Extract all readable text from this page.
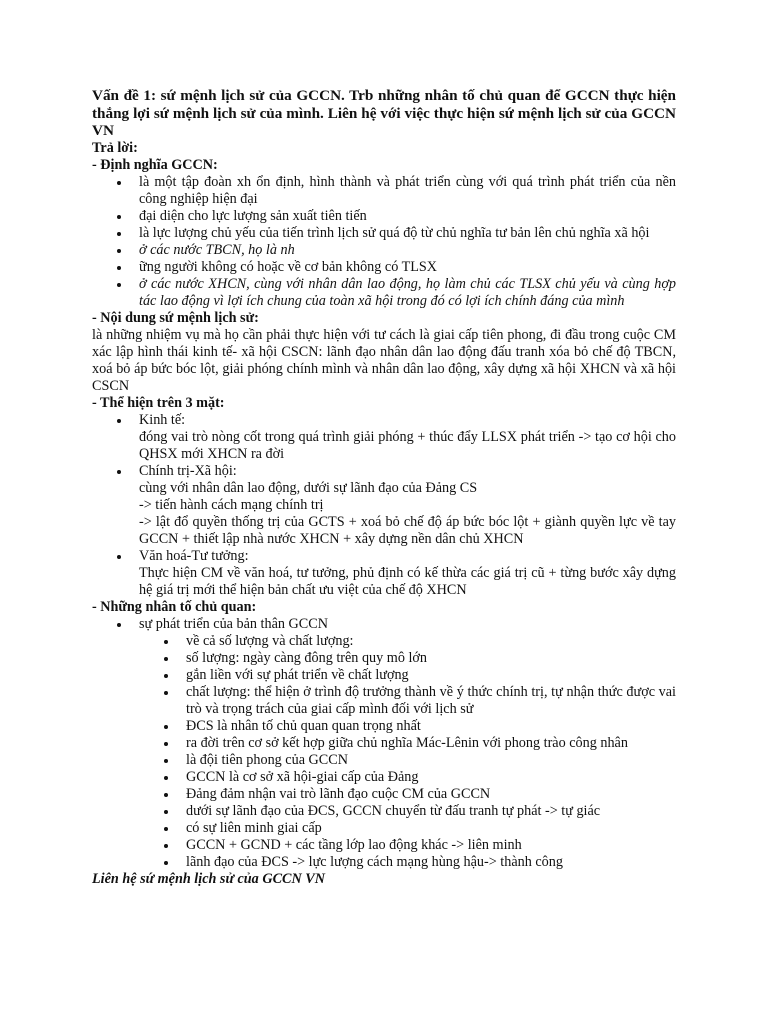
Vấn đề 1: sứ mệnh lịch sử của GCCN. Trb những nhân tố chủ quan để GCCN thực hiện thắng lợi sứ mệnh lịch sử của mình. Liên hệ với việc thực hiện sứ mệnh lịch sử của GCCN VN

Trả lời:

- Định nghĩa GCCN:

là một tập đoàn xh ổn định, hình thành và phát triển cùng với quá trình phát triển của nền công nghiệp hiện đại
đại diện cho lực lượng sản xuất tiên tiến
là lực lượng chủ yếu của tiến trình lịch sử quá độ từ chủ nghĩa tư bản lên chủ nghĩa xã hội
ở các nước TBCN, họ là nh
ững người không có hoặc về cơ bản không có TLSX
ở các nước XHCN, cùng với nhân dân lao động, họ làm chủ các TLSX chủ yếu và cùng hợp tác lao động vì lợi ích chung của toàn xã hội trong đó có lợi ích chính đáng của mình

- Nội dung sứ mệnh lịch sử:

là những nhiệm vụ mà họ cần phải thực hiện với tư cách là giai cấp tiên phong, đi đầu trong cuộc CM xác lập hình thái kinh tế- xã hội CSCN: lãnh đạo nhân dân lao động đấu tranh xóa bỏ chế độ TBCN, xoá bỏ áp bức bóc lột, giải phóng chính mình và nhân dân lao động, xây dựng xã hội XHCN và xã hội CSCN

- Thể hiện trên 3 mặt:

Kinh tế:
đóng vai trò nòng cốt trong quá trình giải phóng + thúc đẩy LLSX phát triển -> tạo cơ hội cho QHSX mới XHCN ra đời
Chính trị-Xã hội:
cùng với nhân dân lao động, dưới sự lãnh đạo của Đảng CS
-> tiến hành cách mạng chính trị
-> lật đổ quyền thống trị của GCTS + xoá bỏ chế độ áp bức bóc lột + giành quyền lực về tay GCCN + thiết lập nhà nước XHCN + xây dựng nền dân chủ XHCN
Văn hoá-Tư tưởng:
Thực hiện CM về văn hoá, tư tưởng, phủ định có kế thừa các giá trị cũ + từng bước xây dựng hệ giá trị mới thể hiện bản chất ưu việt của chế độ XHCN

- Những nhân tố chủ quan:

sự phát triển của bản thân GCCN
về cả số lượng và chất lượng:
số lượng: ngày càng đông trên quy mô lớn
gắn liền với sự phát triển về chất lượng
chất lượng: thể hiện ở trình độ trưởng thành về ý thức chính trị, tự nhận thức được vai trò và trọng trách của giai cấp mình đối với lịch sử
ĐCS là nhân tố chủ quan quan trọng nhất
ra đời trên cơ sở kết hợp giữa chủ nghĩa Mác-Lênin với phong trào công nhân
là đội tiên phong của GCCN
GCCN là cơ sở xã hội-giai cấp của Đảng
Đảng đảm nhận vai trò lãnh đạo cuộc CM của GCCN
dưới sự lãnh đạo của ĐCS, GCCN chuyển từ đấu tranh tự phát -> tự giác
có sự liên minh giai cấp
GCCN + GCND + các tầng lớp lao động khác -> liên minh
lãnh đạo của ĐCS -> lực lượng cách mạng hùng hậu-> thành công

Liên hệ sứ mệnh lịch sử của GCCN VN
